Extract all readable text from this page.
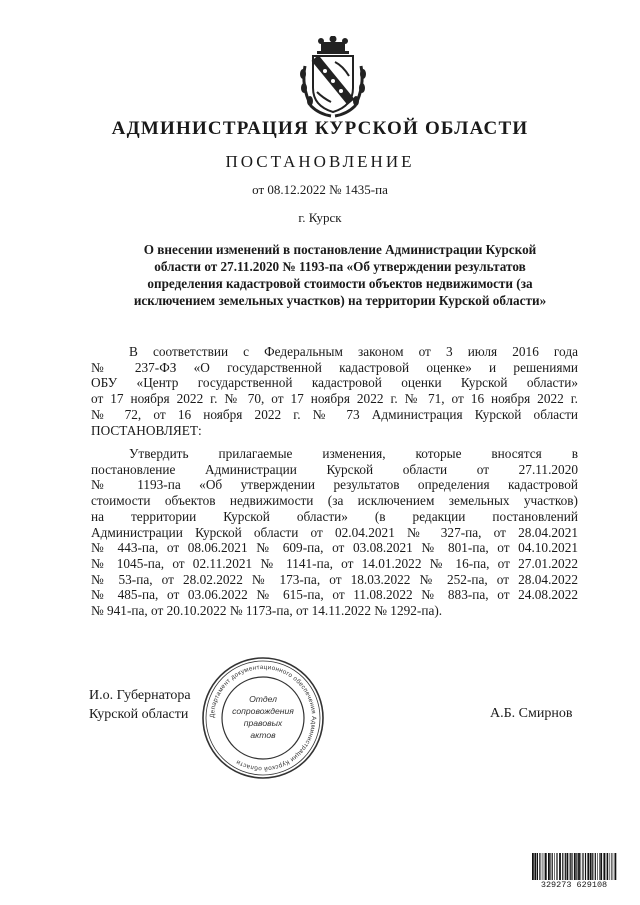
АДМИНИСТРАЦИЯ КУРСКОЙ ОБЛАСТИ
ПОСТАНОВЛЕНИЕ
от 08.12.2022 № 1435-па
г. Курск
О внесении изменений в постановление Администрации Курской
области от 27.11.2020 № 1193-па «Об утверждении результатов
определения кадастровой стоимости объектов недвижимости (за
исключением земельных участков) на территории Курской области»
В соответствии с Федеральным законом от 3 июля 2016 года
№ 237-ФЗ «О государственной кадастровой оценке» и решениями
ОБУ «Центр государственной кадастровой оценки Курской области»
от 17 ноября 2022 г. № 70, от 17 ноября 2022 г. № 71, от 16 ноября 2022 г.
№ 72, от 16 ноября 2022 г. № 73 Администрация Курской области
ПОСТАНОВЛЯЕТ:
Утвердить прилагаемые изменения, которые вносятся в
постановление Администрации Курской области от 27.11.2020
№ 1193-па «Об утверждении результатов определения кадастровой
стоимости объектов недвижимости (за исключением земельных участков)
на территории Курской области» (в редакции постановлений
Администрации Курской области от 02.04.2021 № 327-па, от 28.04.2021
№ 443-па, от 08.06.2021 № 609-па, от 03.08.2021 № 801-па, от 04.10.2021
№ 1045-па, от 02.11.2021 № 1141-па, от 14.01.2022 № 16-па, от 27.01.2022
№ 53-па, от 28.02.2022 № 173-па, от 18.03.2022 № 252-па, от 28.04.2022
№ 485-па, от 03.06.2022 № 615-па, от 11.08.2022 № 883-па, от 24.08.2022
№ 941-па, от 20.10.2022 № 1173-па, от 14.11.2022 № 1292-па).
И.о. Губернатора
Курской области	А.Б. Смирнов
Департамент документационного обеспечения Администрации Курской области
Отдел
сопровождения
правовых
актов
329273 629108
